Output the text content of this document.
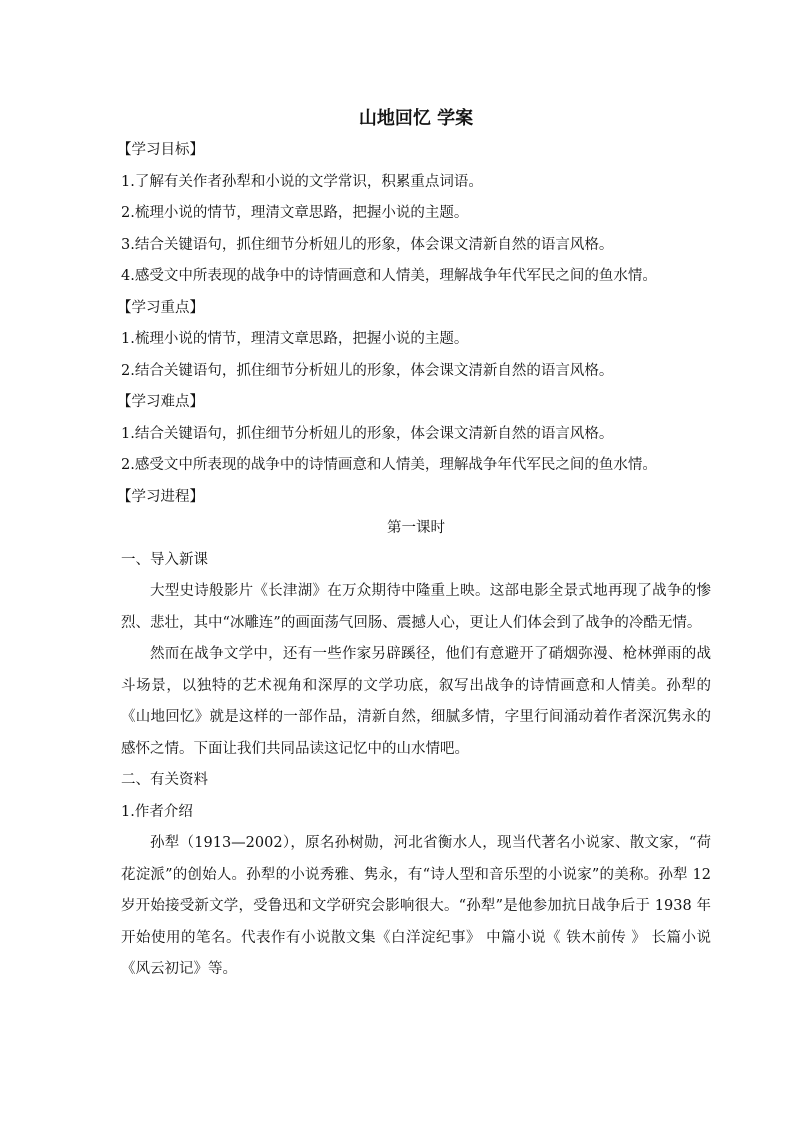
山地回忆 学案
【学习目标】
1.了解有关作者孙犁和小说的文学常识，积累重点词语。
2.梳理小说的情节，理清文章思路，把握小说的主题。
3.结合关键语句，抓住细节分析妞儿的形象，体会课文清新自然的语言风格。
4.感受文中所表现的战争中的诗情画意和人情美，理解战争年代军民之间的鱼水情。
【学习重点】
1.梳理小说的情节，理清文章思路，把握小说的主题。
2.结合关键语句，抓住细节分析妞儿的形象，体会课文清新自然的语言风格。
【学习难点】
1.结合关键语句，抓住细节分析妞儿的形象，体会课文清新自然的语言风格。
2.感受文中所表现的战争中的诗情画意和人情美，理解战争年代军民之间的鱼水情。
【学习进程】
第一课时
一、导入新课

大型史诗般影片《长津湖》在万众期待中隆重上映。这部电影全景式地再现了战争的惨烈、悲壮，其中“冰雕连”的画面荡气回肠、震撼人心，更让人们体会到了战争的冷酷无情。

然而在战争文学中，还有一些作家另辟蹊径，他们有意避开了硝烟弥漫、枪林弹雨的战斗场景，以独特的艺术视角和深厚的文学功底，叙写出战争的诗情画意和人情美。孙犁的《山地回忆》就是这样的一部作品，清新自然，细腻多情，字里行间涌动着作者深沉隽永的感怀之情。下面让我们共同品读这记忆中的山水情吧。

二、有关资料
1.作者介绍

孙犁（1913—2002），原名孙树勋，河北省衡水人，现当代著名小说家、散文家，“荷花淀派”的创始人。孙犁的小说秀雅、隽永，有“诗人型和音乐型的小说家”的美称。孙犁 12 岁开始接受新文学，受鲁迅和文学研究会影响很大。“孙犁”是他参加抗日战争后于 1938 年开始使用的笔名。代表作有小说散文集《白洋淀纪事》 中篇小说《 铁木前传 》 长篇小说《风云初记》等。
